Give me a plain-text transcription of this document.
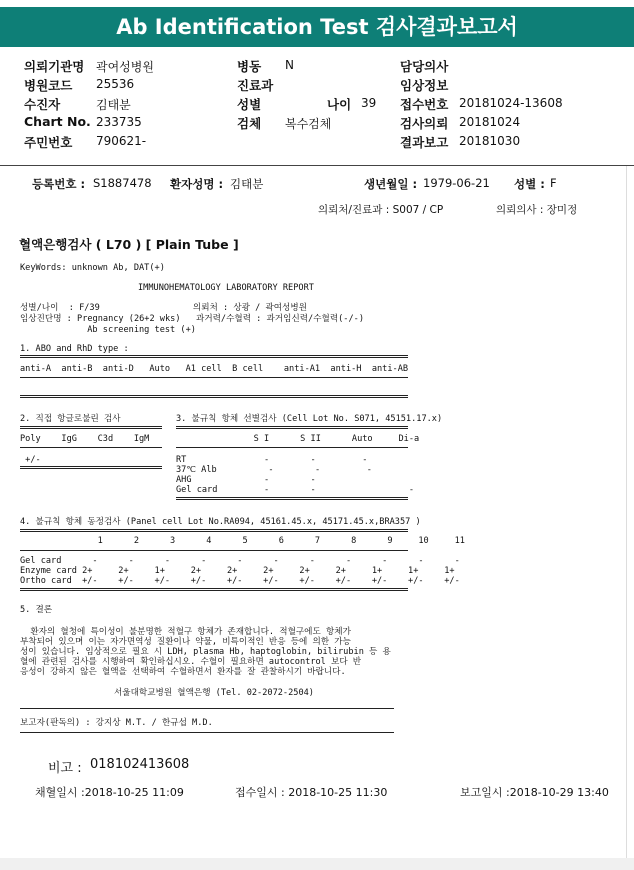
Ab Identification Test 검사결과보고서
의뢰기관명 곽여성병원
병원코드 25536
수진자	김태분
Chart No. 233735
주민번호 790621-
병동 N
진료과
성별	나이 39
검체 복수검체
담당의사
임상정보
접수번호 20181024-13608
검사의뢰 20181024
결과보고 20181030
등록번호 : S1887478 환자성명 : 김태분	생년월일 : 1979-06-21 성별 : F
의뢰처/진료과 : S007 / CP	의뢰의사 : 장미정
혈액은행검사 ( L70 ) [ Plain Tube ]
KeyWords: unknown Ab, DAT(+)
IMMUNOHEMATOLOGY LABORATORY REPORT
성별/나이  : F/39                  의뢰처 : 상광 / 곽여성병원
임상진단명 : Pregnancy (26+2 wks)   과거력/수혈력 : 과거임신력/수혈력(-/-)
Ab screening test (+)
1. ABO and RhD type :
anti-A  anti-B  anti-D   Auto   A1 cell  B cell    anti-A1  anti-H  anti-AB
2. 직접 항글로불린 검사	3. 불규칙 항체 선별검사 (Cell Lot No. S071, 45151.17.x)
Poly    IgG    C3d    IgM	S I      S II      Auto     Di-a
+/-	RT               -        -         -
37℃ Alb          -        -         -
AHG              -        -
Gel card         -        -                  -
4. 불규칙 항체 동정검사 (Panel cell Lot No.RA094, 45161.45.x, 45171.45.x,BRA357 )
1      2      3      4      5      6      7      8      9     10     11
Gel card      -      -      -      -      -      -      -      -      -      -      -
Enzyme card 2+     2+     1+     2+     2+     2+     2+     2+     1+     1+     1+
Ortho card  +/-    +/-    +/-    +/-    +/-    +/-    +/-    +/-    +/-    +/-    +/-
5. 결론
환자의 혈청에 특이성이 불분명한 적혈구 항체가 존재합니다. 적혈구에도 항체가
부착되어 있으며 이는 자가면역성 질환이나 약물, 비특이적인 반응 등에 의한 가능
성이 있습니다. 임상적으로 필요 시 LDH, plasma Hb, haptoglobin, bilirubin 등 용
혈에 관련된 검사를 시행하여 확인하십시오. 수혈이 필요하면 autocontrol 보다 반
응성이 강하지 않은 혈액을 선택하여 수혈하면서 환자를 잘 관찰하시기 바랍니다.
서울대학교병원 혈액은행 (Tel. 02-2072-2504)
보고자(판독의) : 강지상 M.T. / 한규섭 M.D.
비고 : 018102413608
채혈일시 :2018-10-25 11:09	접수일시 : 2018-10-25 11:30	보고일시 :2018-10-29 13:40
